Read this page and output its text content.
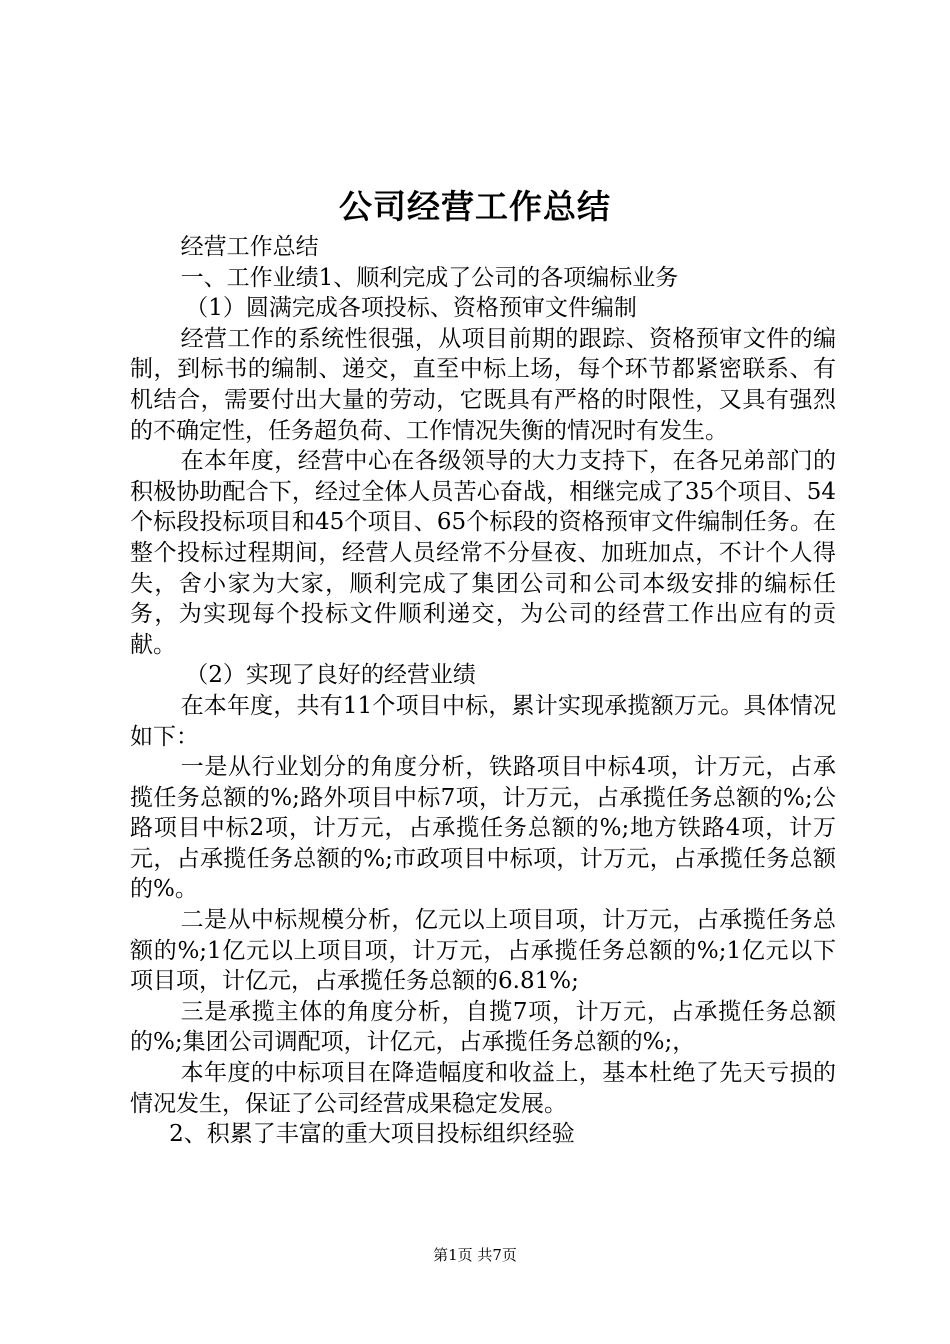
公司经营工作总结

经营工作总结

一、工作业绩1、顺利完成了公司的各项编标业务

（1）圆满完成各项投标、资格预审文件编制

经营工作的系统性很强，从项目前期的跟踪、资格预审文件的编制，到标书的编制、递交，直至中标上场，每个环节都紧密联系、有机结合，需要付出大量的劳动，它既具有严格的时限性，又具有强烈的不确定性，任务超负荷、工作情况失衡的情况时有发生。

在本年度，经营中心在各级领导的大力支持下，在各兄弟部门的积极协助配合下，经过全体人员苦心奋战，相继完成了35个项目、54个标段投标项目和45个项目、65个标段的资格预审文件编制任务。在整个投标过程期间，经营人员经常不分昼夜、加班加点，不计个人得失，舍小家为大家，顺利完成了集团公司和公司本级安排的编标任务，为实现每个投标文件顺利递交，为公司的经营工作出应有的贡献。

（2）实现了良好的经营业绩

在本年度，共有11个项目中标，累计实现承揽额万元。具体情况如下：

一是从行业划分的角度分析，铁路项目中标4项，计万元，占承揽任务总额的%;路外项目中标7项，计万元，占承揽任务总额的%;公路项目中标2项，计万元，占承揽任务总额的%;地方铁路4项，计万元，占承揽任务总额的%;市政项目中标项，计万元，占承揽任务总额的%。

二是从中标规模分析，亿元以上项目项，计万元，占承揽任务总额的%;1亿元以上项目项，计万元，占承揽任务总额的%;1亿元以下项目项，计亿元，占承揽任务总额的6.81%;

三是承揽主体的角度分析，自揽7项，计万元，占承揽任务总额的%;集团公司调配项，计亿元，占承揽任务总额的%;，

本年度的中标项目在降造幅度和收益上，基本杜绝了先天亏损的情况发生，保证了公司经营成果稳定发展。

2、积累了丰富的重大项目投标组织经验

第1页 共7页
